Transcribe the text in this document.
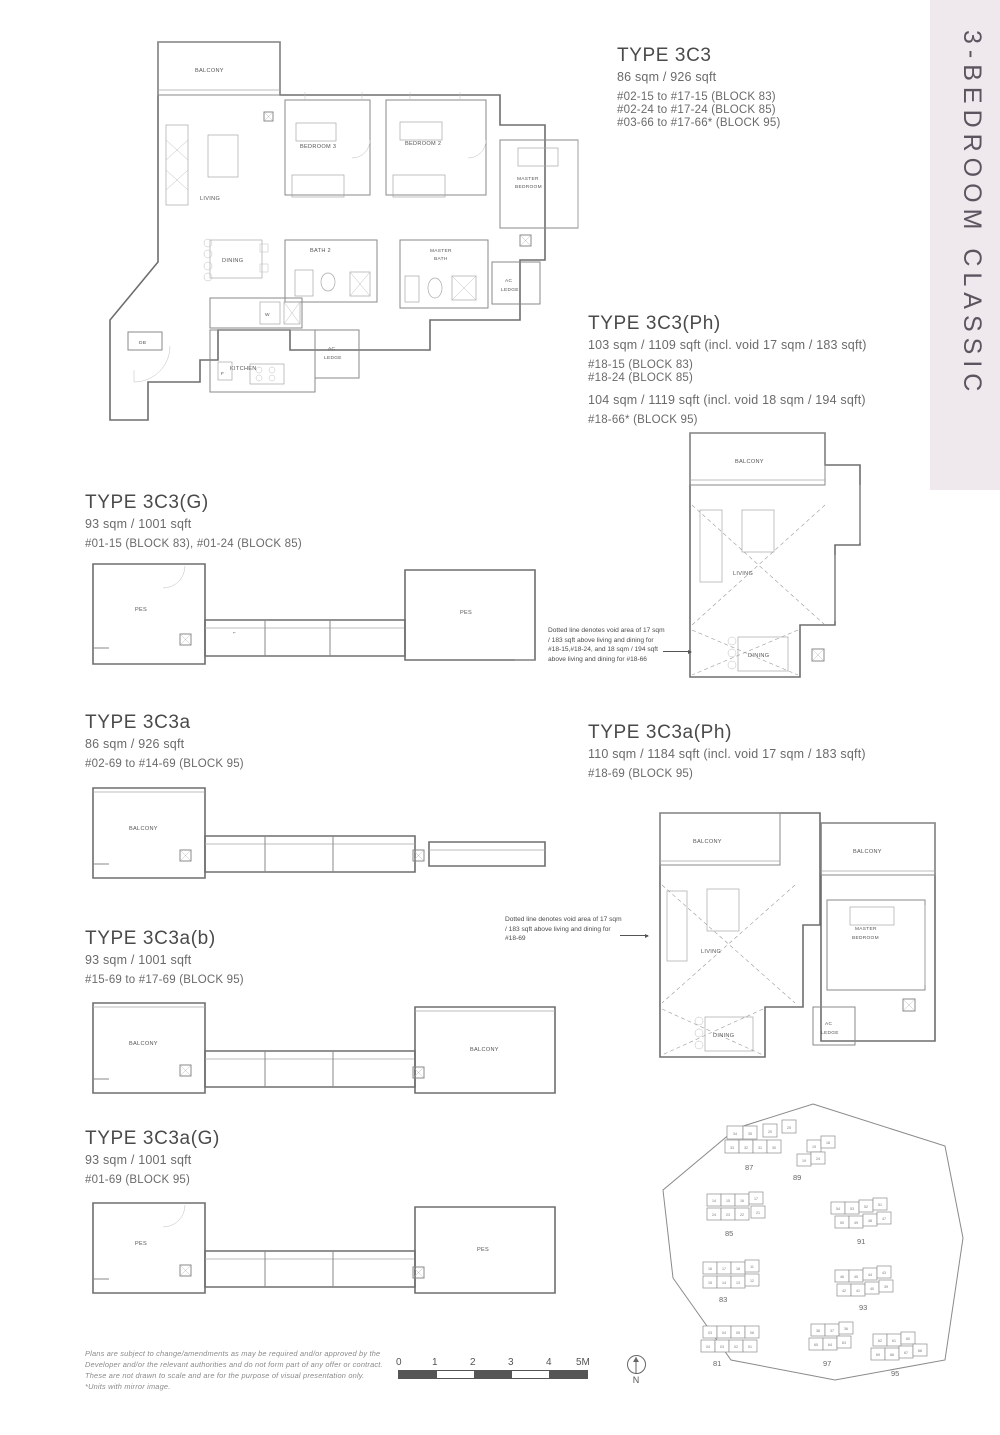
3-BEDROOM CLASSIC

TYPE 3C3

86 sqm / 926 sqft

#02-15 to #17-15 (BLOCK 83)

#02-24 to #17-24 (BLOCK 85)

#03-66 to #17-66* (BLOCK 95)

BALCONY
LIVING
BEDROOM 3	BEDROOM 2
MASTER
BEDROOM
DINING
BATH 2	MASTER
BATH
AC
LEDGE
KITCHEN
F
W
AC
LEDGE
DB

TYPE 3C3(Ph)

103 sqm / 1109 sqft (incl. void 17 sqm / 183 sqft)

#18-15 (BLOCK 83)

#18-24 (BLOCK 85)

104 sqm / 1119 sqft (incl. void 18 sqm / 194 sqft)

#18-66* (BLOCK 95)

BALCONY
LIVING
DINING
Dotted line denotes void area of 17 sqm / 183 sqft above living and dining for #18-15,#18-24, and 18 sqm / 194 sqft above living and dining for #18-66

TYPE 3C3(G)

93 sqm / 1001 sqft

#01-15 (BLOCK 83), #01-24 (BLOCK 85)

PES
⌐
PES

TYPE 3C3a

86 sqm / 926 sqft

#02-69 to #14-69 (BLOCK 95)

BALCONY

TYPE 3C3a(Ph)

110 sqm / 1184 sqft (incl. void 17 sqm / 183 sqft)

#18-69 (BLOCK 95)

BALCONY
LIVING
DINING
BALCONY
MASTER
BEDROOM
AC
LEDGE
Dotted line denotes void area of 17 sqm / 183 sqft above living and dining for #18-69

TYPE 3C3a(b)

93 sqm / 1001 sqft

#15-69 to #17-69 (BLOCK 95)

BALCONY
BALCONY

TYPE 3C3a(G)

93 sqm / 1001 sqft

#01-69 (BLOCK 95)

PES
PES
34	35	20
25
33	32	31	30
87
19
18
19	24
89
14	15	16	17
24	23	22	21
85
16	17	18	11
15	14	13	12
83
03	04	05	06
04	03	02	01
81
54	53	52	51
50	49	48	47
91
46	45	44	43
42	41	40	39
93
38	37	36
65	64	63
97
62	61	60
69	68	67	66
95
0	1	2	3	4 5M
N
Plans are subject to change/amendments as may be required and/or approved by the Developer and/or the relevant authorities and do not form part of any offer or contract. These are not drawn to scale and are for the purpose of visual presentation only. *Units with mirror image.
